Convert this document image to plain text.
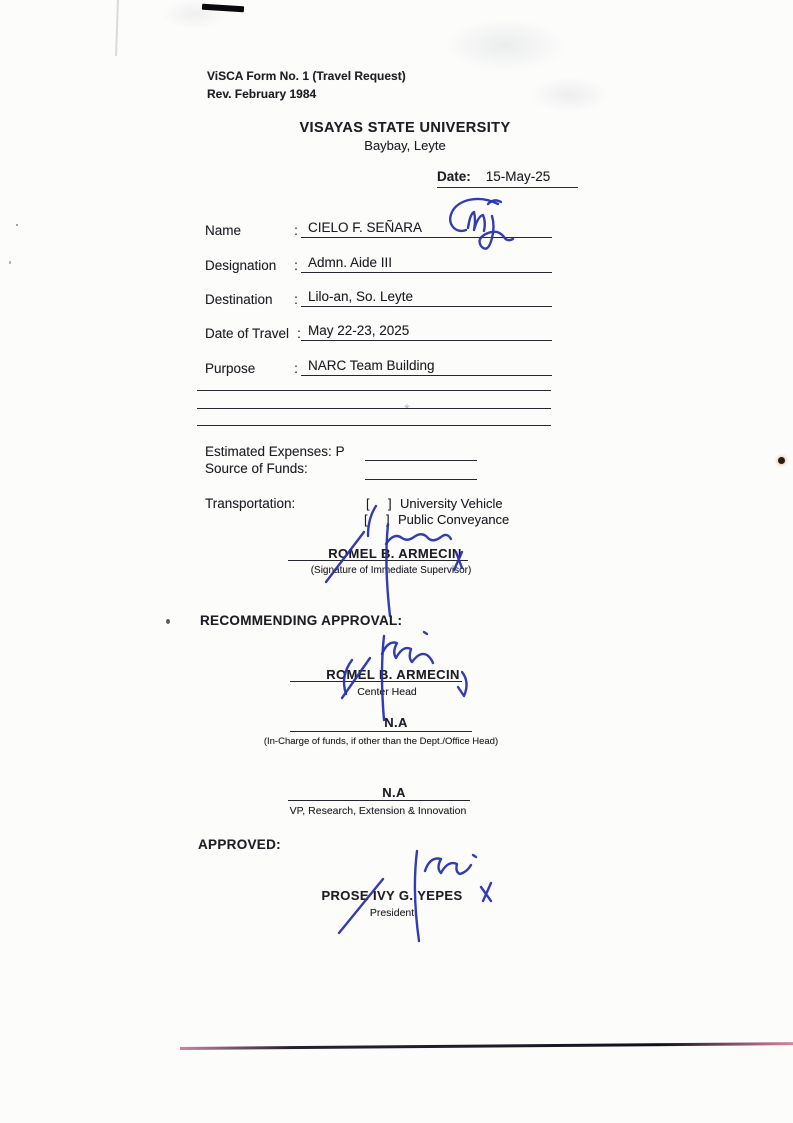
*
ViSCA Form No. 1 (Travel Request)
Rev. February 1984
VISAYAS STATE UNIVERSITY
Baybay, Leyte
Date: 15-May-25
Name	: CIELO F. SEÑARA
Designation	: Admn. Aide III
Destination	: Lilo-an, So. Leyte
Date of Travel : May 22-23, 2025
Purpose	: NARC Team Building
Estimated Expenses: P
Source of Funds:
Transportation:	[	] University Vehicle
[	] Public Conveyance
ROMEL B. ARMECIN
(Signature of Immediate Supervisor)
RECOMMENDING APPROVAL:
ROMEL B. ARMECIN
Center Head
N.A
(In-Charge of funds, if other than the Dept./Office Head)
N.A
VP, Research, Extension & Innovation
APPROVED:
PROSE IVY G. YEPES
President
